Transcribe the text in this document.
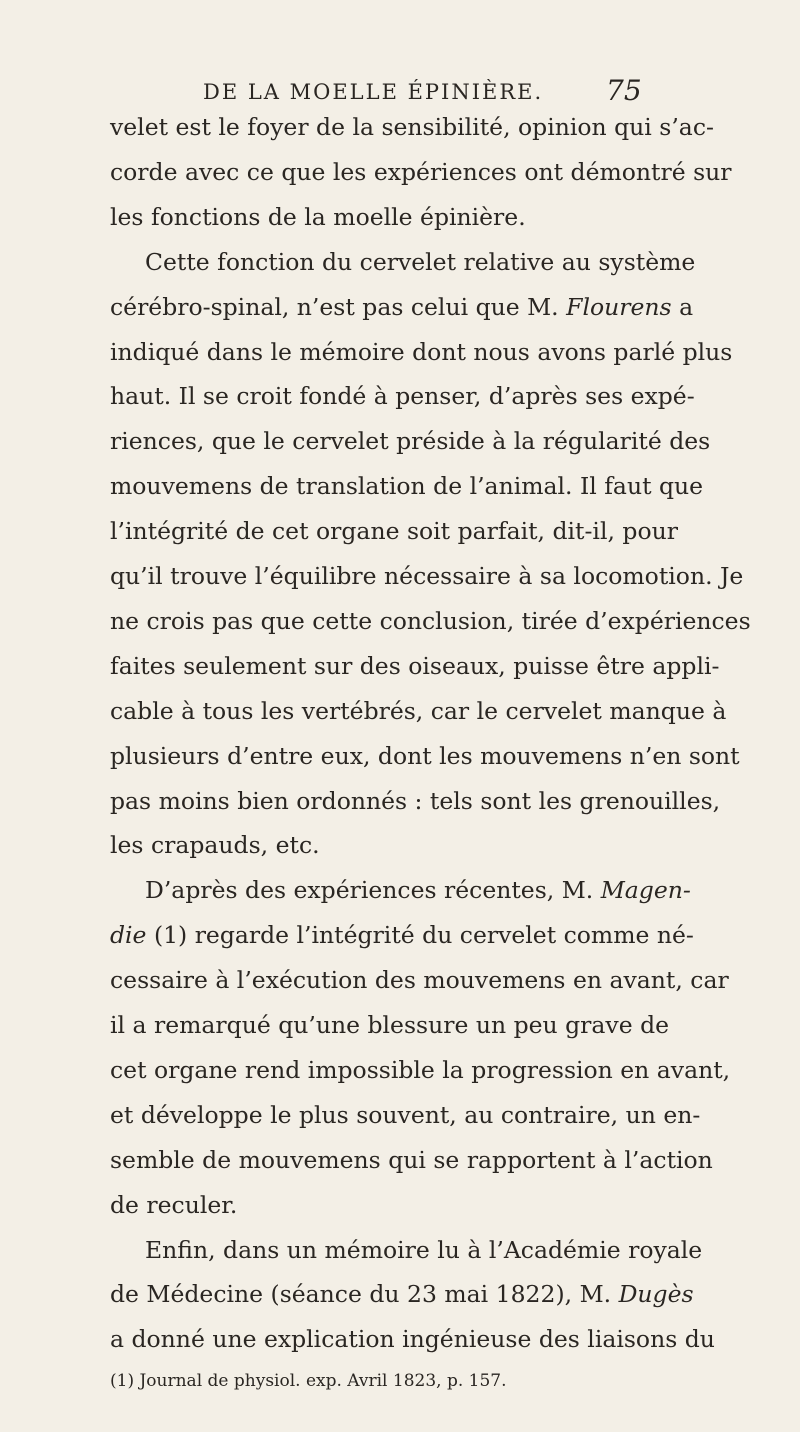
DE LA MOELLE ÉPINIÈRE. 75
velet est le foyer de la sensibilité, opinion qui s’ac-
corde avec ce que les expériences ont démontré sur
les fonctions de la moelle épinière.
Cette fonction du cervelet relative au système
cérébro-spinal, n’est pas celui que M. Flourens a
indiqué dans le mémoire dont nous avons parlé plus
haut. Il se croit fondé à penser, d’après ses expé-
riences, que le cervelet préside à la régularité des
mouvemens de translation de l’animal. Il faut que
l’intégrité de cet organe soit parfait, dit-il, pour
qu’il trouve l’équilibre nécessaire à sa locomotion. Je
ne crois pas que cette conclusion, tirée d’expériences
faites seulement sur des oiseaux, puisse être appli-
cable à tous les vertébrés, car le cervelet manque à
plusieurs d’entre eux, dont les mouvemens n’en sont
pas moins bien ordonnés : tels sont les grenouilles,
les crapauds, etc.
D’après des expériences récentes, M. Magen-
die (1) regarde l’intégrité du cervelet comme né-
cessaire à l’exécution des mouvemens en avant, car
il a remarqué qu’une blessure un peu grave de
cet organe rend impossible la progression en avant,
et développe le plus souvent, au contraire, un en-
semble de mouvemens qui se rapportent à l’action
de reculer.
Enfin, dans un mémoire lu à l’Académie royale
de Médecine (séance du 23 mai 1822), M. Dugès
a donné une explication ingénieuse des liaisons du
(1) Journal de physiol. exp. Avril 1823, p. 157.
